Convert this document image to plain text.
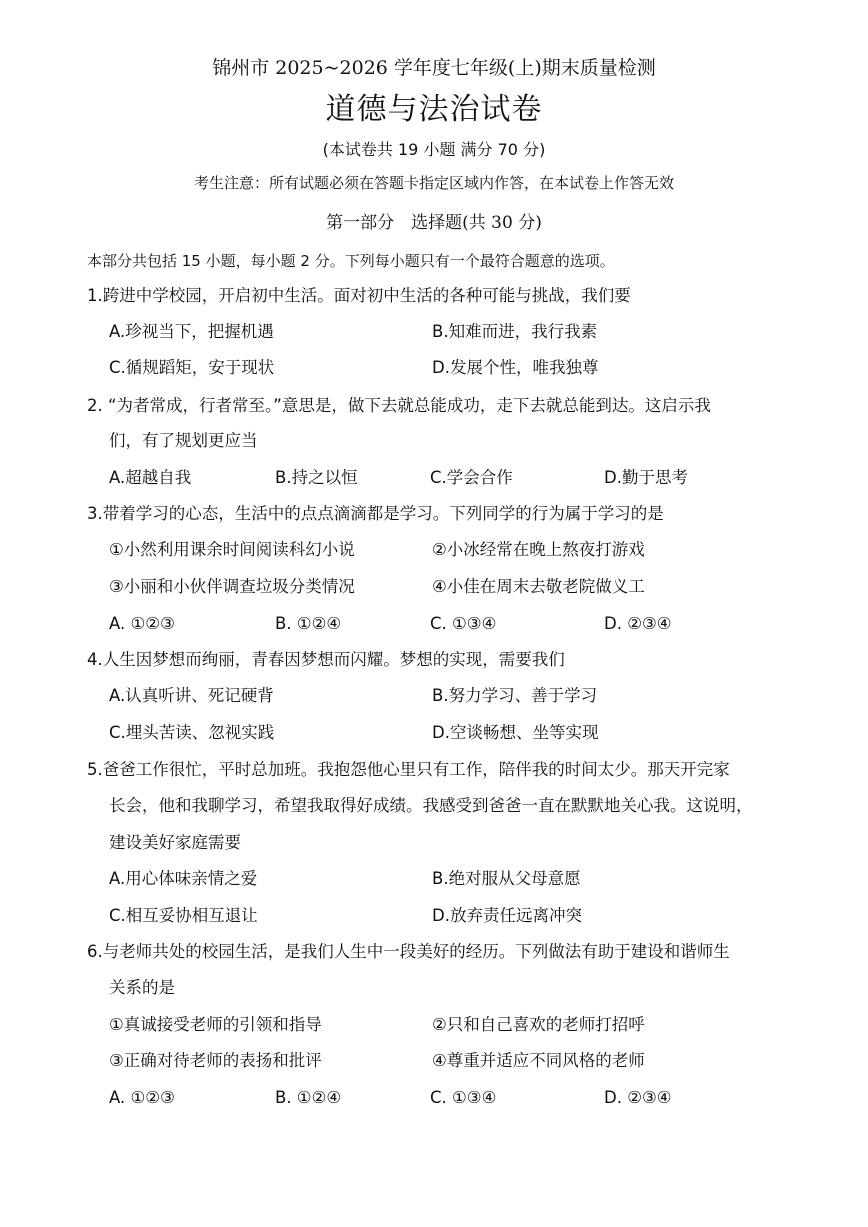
锦州市 2025~2026 学年度七年级(上)期末质量检测
道德与法治试卷
(本试卷共 19 小题 满分 70 分)
考生注意：所有试题必须在答题卡指定区域内作答，在本试卷上作答无效
第一部分　选择题(共 30 分)
本部分共包括 15 小题，每小题 2 分。下列每小题只有一个最符合题意的选项。
1.跨进中学校园，开启初中生活。面对初中生活的各种可能与挑战，我们要
A.珍视当下，把握机遇	B.知难而进，我行我素
C.循规蹈矩，安于现状	D.发展个性，唯我独尊
2. “为者常成，行者常至。”意思是，做下去就总能成功，走下去就总能到达。这启示我
们，有了规划更应当
A.超越自我	B.持之以恒	C.学会合作	D.勤于思考
3.带着学习的心态，生活中的点点滴滴都是学习。下列同学的行为属于学习的是
①小然利用课余时间阅读科幻小说	②小冰经常在晚上熬夜打游戏
③小丽和小伙伴调查垃圾分类情况	④小佳在周末去敬老院做义工
A. ①②③	B. ①②④	C. ①③④	D. ②③④
4.人生因梦想而绚丽，青春因梦想而闪耀。梦想的实现，需要我们
A.认真听讲、死记硬背	B.努力学习、善于学习
C.埋头苦读、忽视实践	D.空谈畅想、坐等实现
5.爸爸工作很忙，平时总加班。我抱怨他心里只有工作，陪伴我的时间太少。那天开完家
长会，他和我聊学习，希望我取得好成绩。我感受到爸爸一直在默默地关心我。这说明，
建设美好家庭需要
A.用心体味亲情之爱	B.绝对服从父母意愿
C.相互妥协相互退让	D.放弃责任远离冲突
6.与老师共处的校园生活，是我们人生中一段美好的经历。下列做法有助于建设和谐师生
关系的是
①真诚接受老师的引领和指导	②只和自己喜欢的老师打招呼
③正确对待老师的表扬和批评	④尊重并适应不同风格的老师
A. ①②③	B. ①②④	C. ①③④	D. ②③④
